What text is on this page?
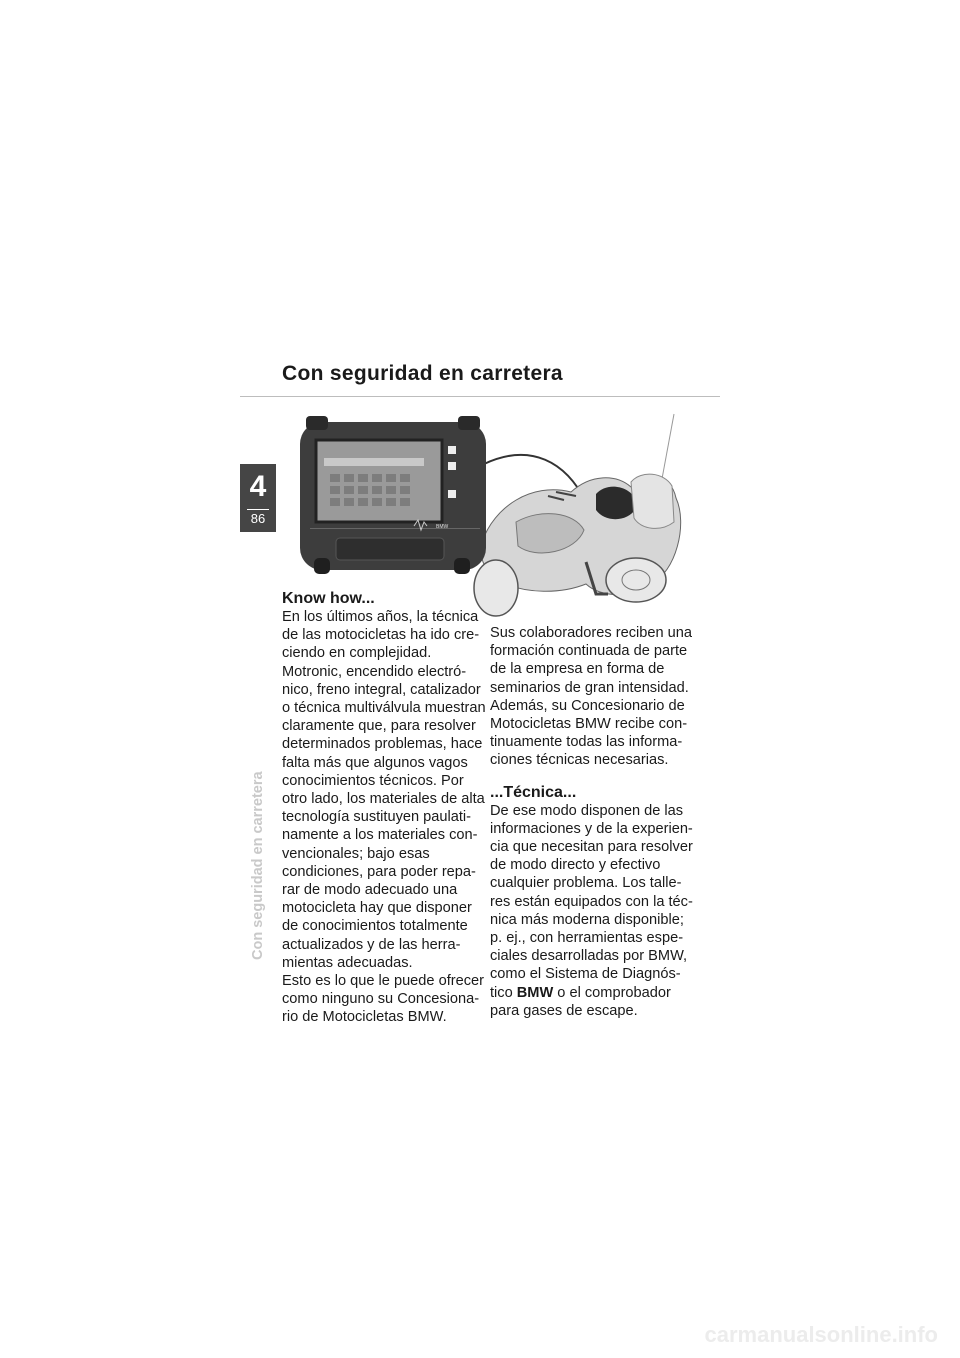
Con seguridad en carretera
4
86
Con seguridad en carretera
BMW
Know how...

En los últimos años, la técnica
de las motocicletas ha ido cre-
ciendo en complejidad.
Motronic, encendido electró-
nico, freno integral, catalizador
o técnica multiválvula muestran
claramente que, para resolver
determinados problemas, hace
falta más que algunos vagos
conocimientos técnicos. Por
otro lado, los materiales de alta
tecnología sustituyen paulati-
namente a los materiales con-
vencionales; bajo esas
condiciones, para poder repa-
rar de modo adecuado una
motocicleta hay que disponer
de conocimientos totalmente
actualizados y de las herra-
mientas adecuadas.
Esto es lo que le puede ofrecer
como ninguno su Concesiona-
rio de Motocicletas BMW.

Sus colaboradores reciben una
formación continuada de parte
de la empresa en forma de
seminarios de gran intensidad.
Además, su Concesionario de
Motocicletas BMW recibe con-
tinuamente todas las informa-
ciones técnicas necesarias.

...Técnica...

De ese modo disponen de las
informaciones y de la experien-
cia que necesitan para resolver
de modo directo y efectivo
cualquier problema. Los talle-
res están equipados con la téc-
nica más moderna disponible;
p. ej., con herramientas espe-
ciales desarrolladas por BMW,
como el Sistema de Diagnós-
tico BMW o el comprobador
para gases de escape.

carmanualsonline.info
